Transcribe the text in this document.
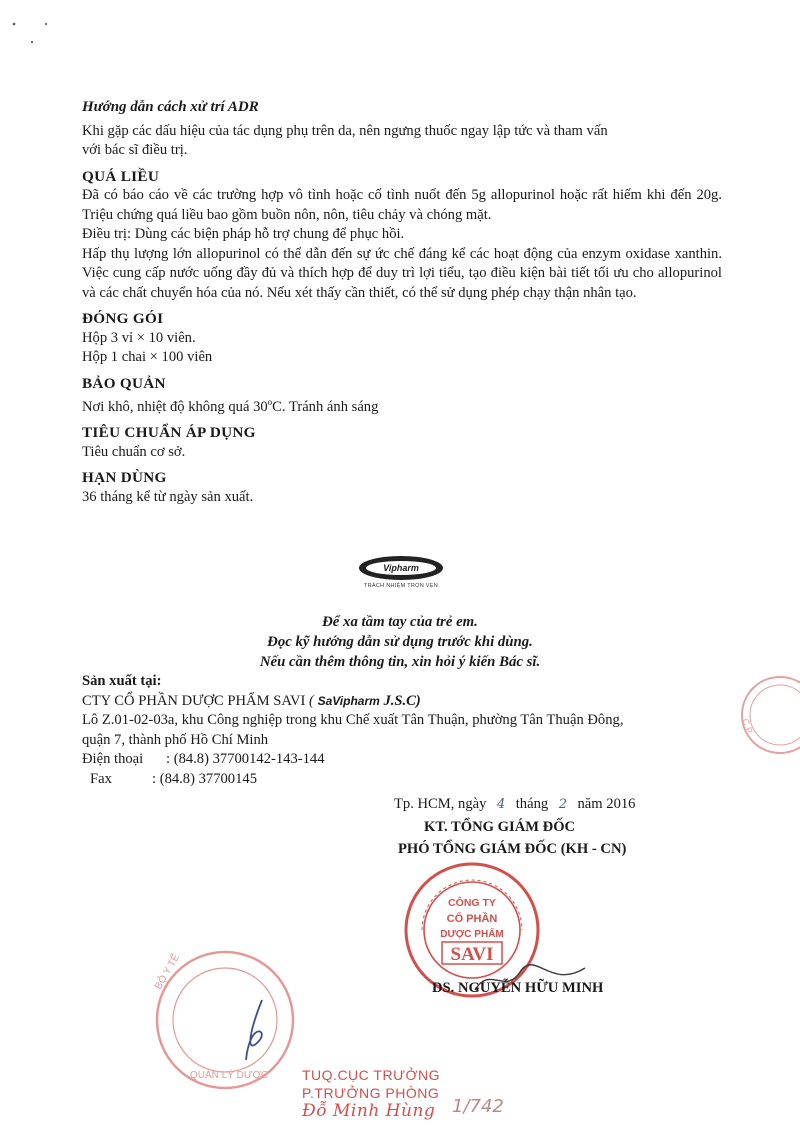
Hướng dẫn cách xử trí ADR

Khi gặp các dấu hiệu của tác dụng phụ trên da, nên ngưng thuốc ngay lập tức và tham vấn

với bác sĩ điều trị.

QUÁ LIỀU

Đã có báo cáo về các trường hợp vô tình hoặc cố tình nuốt đến 5g allopurinol hoặc rất hiếm khi đến 20g. Triệu chứng quá liều bao gồm buồn nôn, nôn, tiêu chảy và chóng mặt.

Điều trị: Dùng các biện pháp hỗ trợ chung để phục hồi.

Hấp thụ lượng lớn allopurinol có thể dẫn đến sự ức chế đáng kể các hoạt động của enzym oxidase xanthin. Việc cung cấp nước uống đầy đủ và thích hợp để duy trì lợi tiểu, tạo điều kiện bài tiết tối ưu cho allopurinol và các chất chuyển hóa của nó. Nếu xét thấy cần thiết, có thể sử dụng phép chạy thận nhân tạo.

ĐÓNG GÓI

Hộp 3 vỉ × 10 viên.

Hộp 1 chai × 100 viên

BẢO QUẢN

Nơi khô, nhiệt độ không quá 30$^o$C. Tránh ánh sáng

TIÊU CHUẨN ÁP DỤNG

Tiêu chuẩn cơ sở.

HẠN DÙNG

36 tháng kể từ ngày sản xuất.

Vipharm
TRÁCH NHIỆM TRỌN VẸN
Để xa tầm tay của trẻ em.
Đọc kỹ hướng dẫn sử dụng trước khi dùng.
Nếu cần thêm thông tin, xin hỏi ý kiến Bác sĩ.
Sản xuất tại:
CTY CỔ PHẦN DƯỢC PHẨM SAVI ( SaVipharm J.S.C)
Lô Z.01-02-03a, khu Công nghiệp trong khu Chế xuất Tân Thuận, phường Tân Thuận Đông,
quận 7, thành phố Hồ Chí Minh
Điện thoại : (84.8) 37700142-143-144
Fax	: (84.8) 37700145
C.P
Tp. HCM, ngày 4 tháng 2 năm 2016
KT. TỔNG GIÁM ĐỐC
PHÓ TỔNG GIÁM ĐỐC (KH - CN)
CÔNG TY
CỔ PHẦN
DƯỢC PHẨM
SAVI
DS. NGUYỄN HỮU MINH
BỘ Y TẾ
QUẢN LÝ DƯỢC TUQ.CỤC TRƯỞNG
P.TRƯỞNG PHÒNG
Đỗ Minh Hùng 1/742
